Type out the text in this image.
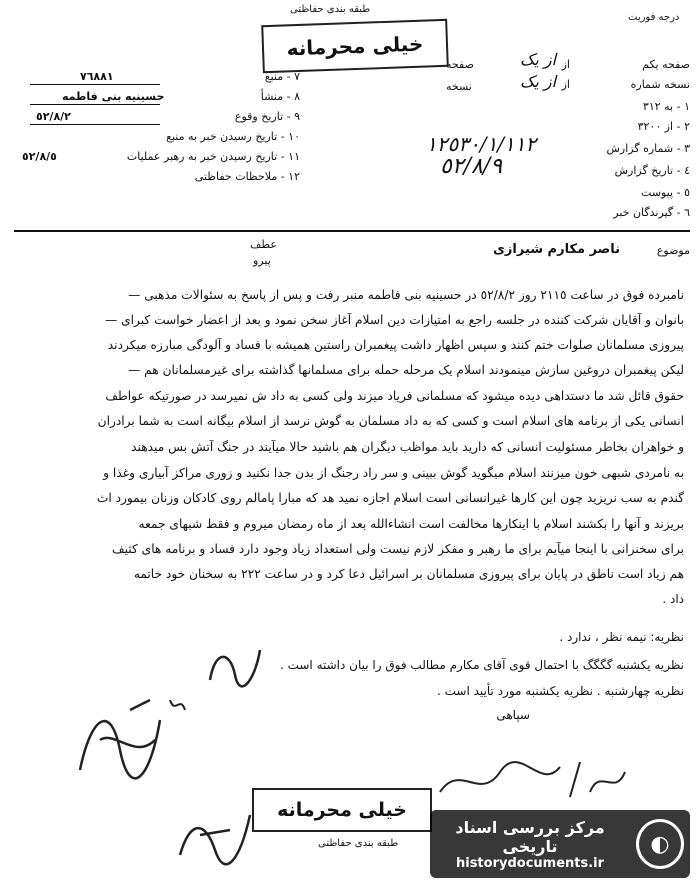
طبقه بندی حفاظتی
خیلی محرمانه
درجه فوریت
صفحه یکم
از
از یک
صفحه
نسخه شماره
از
از یک
نسخه
١ - به ٣١٢
٢ - از ٣٢٠٠
٣ - شماره گزارش
١٢٥٣٠/١/١١٢
٤ - تاریخ گزارش
٥٢/٨/٩
٥ - پیوست
٦ - گیرندگان خبر
٧ - منبع
٧٦٨٨١
٨ - منشأ
حسینیه بنی فاطمه
٩ - تاریخ وقوع
٥٢/٨/٢
١٠ - تاریخ رسیدن خبر به منبع
١١ - تاریخ رسیدن خبر به رهبر عملیات
٥٢/٨/٥
١٢ - ملاحظات حفاظتی
موضوع
ناصر مکارم شیرازی
عطف
پیرو
نامبرده فوق در ساعت ٢١١٥ روز ٥٢/٨/٢ در حسینیه بنی فاطمه منبر رفت و پس از پاسخ به سئوالات مذهبی —
بانوان و آقایان شرکت کننده در جلسه راجع به امتیازات دین اسلام آغاز سخن نمود و بعد از اعضار خواست کبرای —
پیروزی مسلمانان صلوات ختم کنند و سپس اظهار داشت پیغمبران راستین همیشه با فساد و آلودگی مبارزه میکردند
لیکن پیغمبران دروغین سازش مینمودند اسلام یک مرحله حمله برای مسلمانها گذاشته برای غیرمسلمانان هم —
حقوق قائل شد ما دستداهی دیده میشود که مسلمانی فریاد میزند ولی کسی به داد ش نمیرسد در صورتیکه عواطف
انسانی یکی از برنامه های اسلام است و کسی که به داد مسلمان به گوش نرسد از اسلام بیگانه است به شما برادران
و خواهران بخاطر مسئولیت انسانی که دارید باید مواظب دیگران هم باشید حالا میآیند در جنگ آتش بس میدهند
به نامردی شبهی خون میزنند اسلام میگوید گوش ببینی و سر راد رجنگ از بدن جدا نکنید و زوری مراکز آبیاری وغذا و
گندم به سب نریزید چون این کارها غیرانسانی است اسلام اجازه نمید هد که مبارا پامالم روی کادکان وزنان بیمورد اث
بریزند و آنها را بکشند اسلام با اینکارها مخالفت است انشاءالله بعد از ماه رمضان میروم و فقط شبهای جمعه
برای سخنرانی با اینجا میآیم برای ما رهبر و مفکر لازم نیست ولی استعداد زیاد وجود دارد فساد و برنامه های کثیف
هم زیاد است ناطق در پایان برای پیروزی مسلمانان بر اسرائیل دعا کرد و در ساعت ٢٢٢ به سخنان خود خاتمه
داد .
نظریه: نیمه نظر ، ندارد .
نظریه یکشنبه گگگگ با احتمال قوی آقای مکارم مطالب فوق را بیان داشته است .
نظریه چهارشنبه . نظریه یکشنبه مورد تأیید است .
سپاهی
خیلی محرمانه
طبقه بندی حفاظتی
مرکز بررسی اسناد تاریخی
historydocuments.ir
◐
